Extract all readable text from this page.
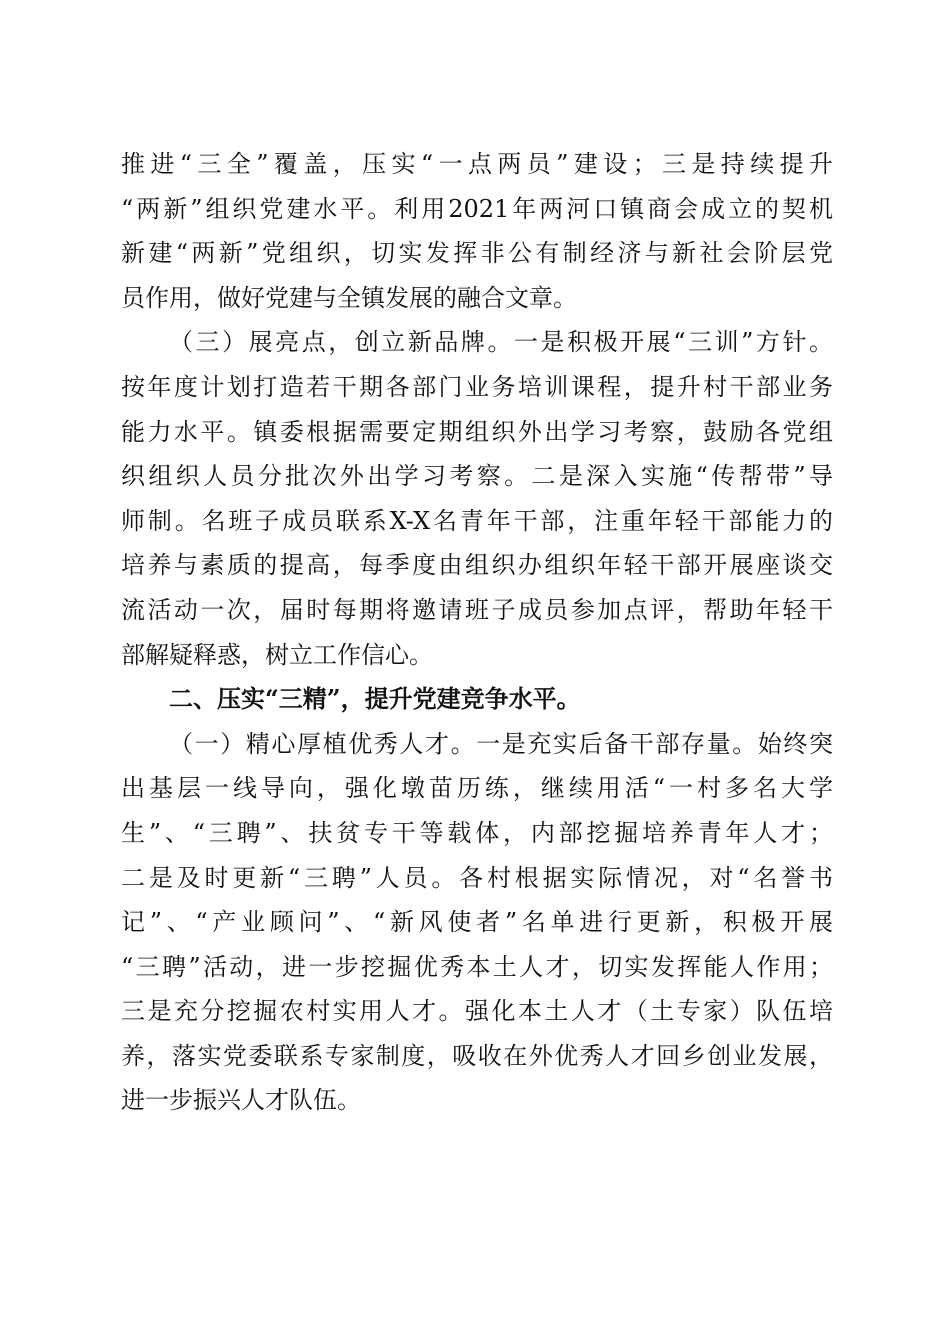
推进“三全”覆盖，压实“一点两员”建设；三是持续提升
“两新”组织党建水平。利用2021年两河口镇商会成立的契机
新建“两新”党组织，切实发挥非公有制经济与新社会阶层党
员作用，做好党建与全镇发展的融合文章。
（三）展亮点，创立新品牌。一是积极开展“三训”方针。
按年度计划打造若干期各部门业务培训课程，提升村干部业务
能力水平。镇委根据需要定期组织外出学习考察，鼓励各党组
织组织人员分批次外出学习考察。二是深入实施“传帮带”导
师制。名班子成员联系X-X名青年干部，注重年轻干部能力的
培养与素质的提高，每季度由组织办组织年轻干部开展座谈交
流活动一次，届时每期将邀请班子成员参加点评，帮助年轻干
部解疑释惑，树立工作信心。
二、压实“三精”，提升党建竞争水平。
（一）精心厚植优秀人才。一是充实后备干部存量。始终突
出基层一线导向，强化墩苗历练，继续用活“一村多名大学
生”、“三聘”、扶贫专干等载体，内部挖掘培养青年人才；
二是及时更新“三聘”人员。各村根据实际情况，对“名誉书
记”、“产业顾问”、“新风使者”名单进行更新，积极开展
“三聘”活动，进一步挖掘优秀本土人才，切实发挥能人作用；
三是充分挖掘农村实用人才。强化本土人才（土专家）队伍培
养，落实党委联系专家制度，吸收在外优秀人才回乡创业发展，
进一步振兴人才队伍。
